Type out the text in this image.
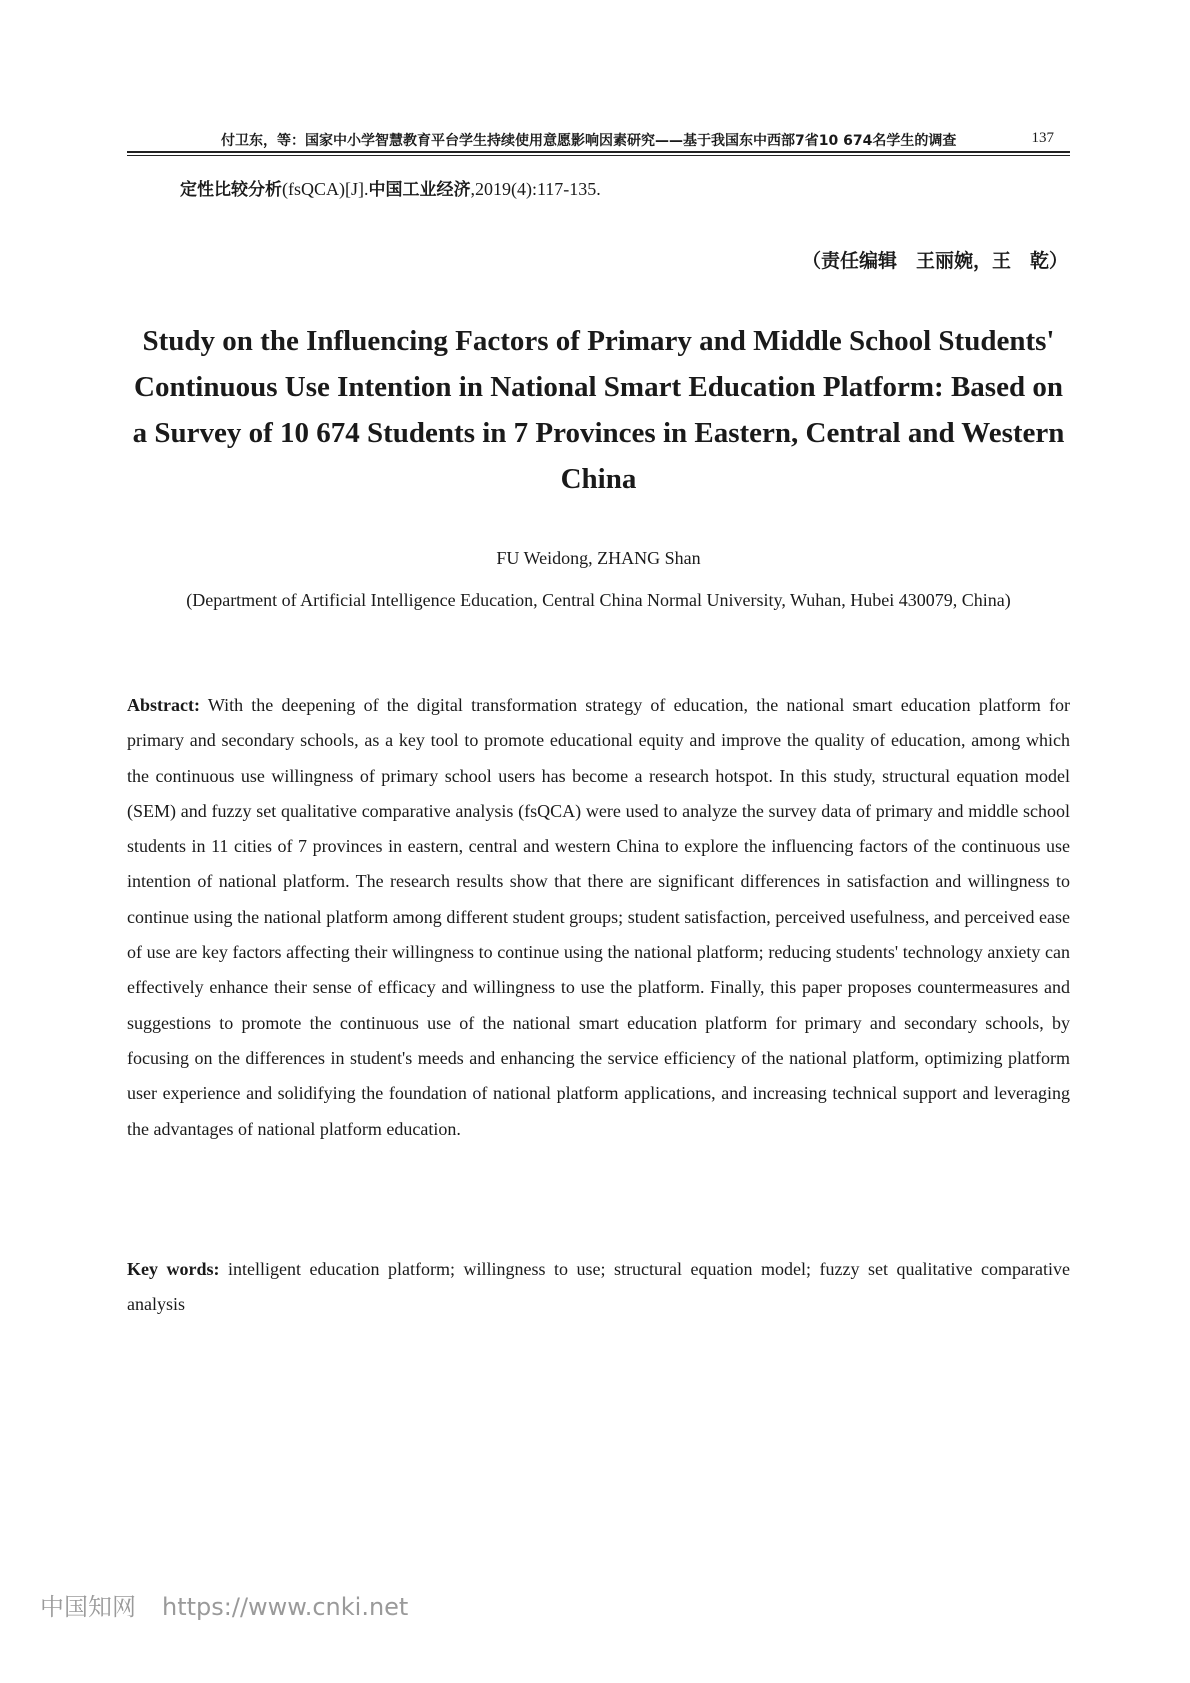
付卫东，等：国家中小学智慧教育平台学生持续使用意愿影响因素研究——基于我国东中西部7省10 674名学生的调查	137
定性比较分析(fsQCA)[J].中国工业经济,2019(4):117-135.
（责任编辑　王丽婉，王　乾）
Study on the Influencing Factors of Primary and Middle School Students' Continuous Use Intention in National Smart Education Platform: Based on a Survey of 10 674 Students in 7 Provinces in Eastern, Central and Western China
FU Weidong, ZHANG Shan
(Department of Artificial Intelligence Education, Central China Normal University, Wuhan, Hubei 430079, China)
Abstract: With the deepening of the digital transformation strategy of education, the national smart education platform for primary and secondary schools, as a key tool to promote educational equity and improve the quality of education, among which the continuous use willingness of primary school users has become a research hotspot. In this study, structural equation model (SEM) and fuzzy set qualitative comparative analysis (fsQCA) were used to analyze the survey data of primary and middle school students in 11 cities of 7 provinces in eastern, central and western China to explore the influencing factors of the continuous use intention of national platform. The research results show that there are significant differences in satisfaction and willingness to continue using the national platform among different student groups; student satisfaction, perceived usefulness, and perceived ease of use are key factors affecting their willingness to continue using the national platform; reducing students' technology anxiety can effectively enhance their sense of efficacy and willingness to use the platform. Finally, this paper proposes countermeasures and suggestions to promote the continuous use of the national smart education platform for primary and secondary schools, by focusing on the differences in student's meeds and enhancing the service efficiency of the national platform, optimizing platform user experience and solidifying the foundation of national platform applications, and increasing technical support and leveraging the advantages of national platform education.
Key words: intelligent education platform; willingness to use; structural equation model; fuzzy set qualitative comparative analysis
中国知网 https://www.cnki.net
